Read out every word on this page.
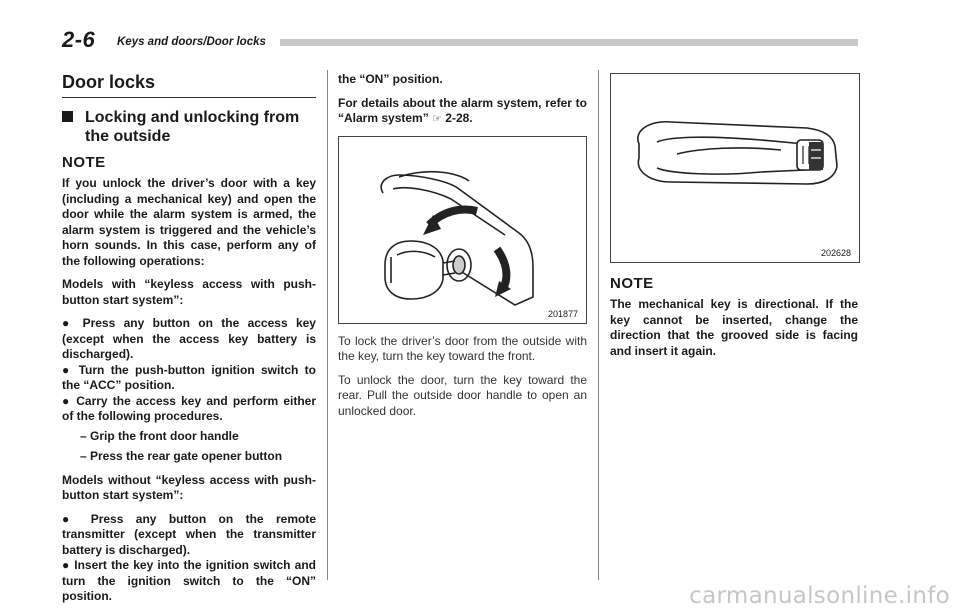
2-6 Keys and doors/Door locks
Door locks
Locking and unlocking from the outside
NOTE

If you unlock the driver’s door with a key (including a mechanical key) and open the door while the alarm system is armed, the alarm system is triggered and the vehicle’s horn sounds. In this case, perform any of the following operations:

Models with “keyless access with push-button start system”:

● Press any button on the access key (except when the access key battery is discharged).
● Turn the push-button ignition switch to the “ACC” position.
● Carry the access key and perform either of the following procedures.
– Grip the front door handle
– Press the rear gate opener button

Models without “keyless access with push-button start system”:

● Press any button on the remote transmitter (except when the transmitter battery is discharged).
● Insert the key into the ignition switch and turn the ignition switch to the “ON” position.

the “ON” position.

For details about the alarm system, refer to “Alarm system” ☞ 2-28.

201877

To lock the driver’s door from the outside with the key, turn the key toward the front.

To unlock the door, turn the key toward the rear. Pull the outside door handle to open an unlocked door.

202628
NOTE

The mechanical key is directional. If the key cannot be inserted, change the direction that the grooved side is facing and insert it again.

carmanualsonline.info
